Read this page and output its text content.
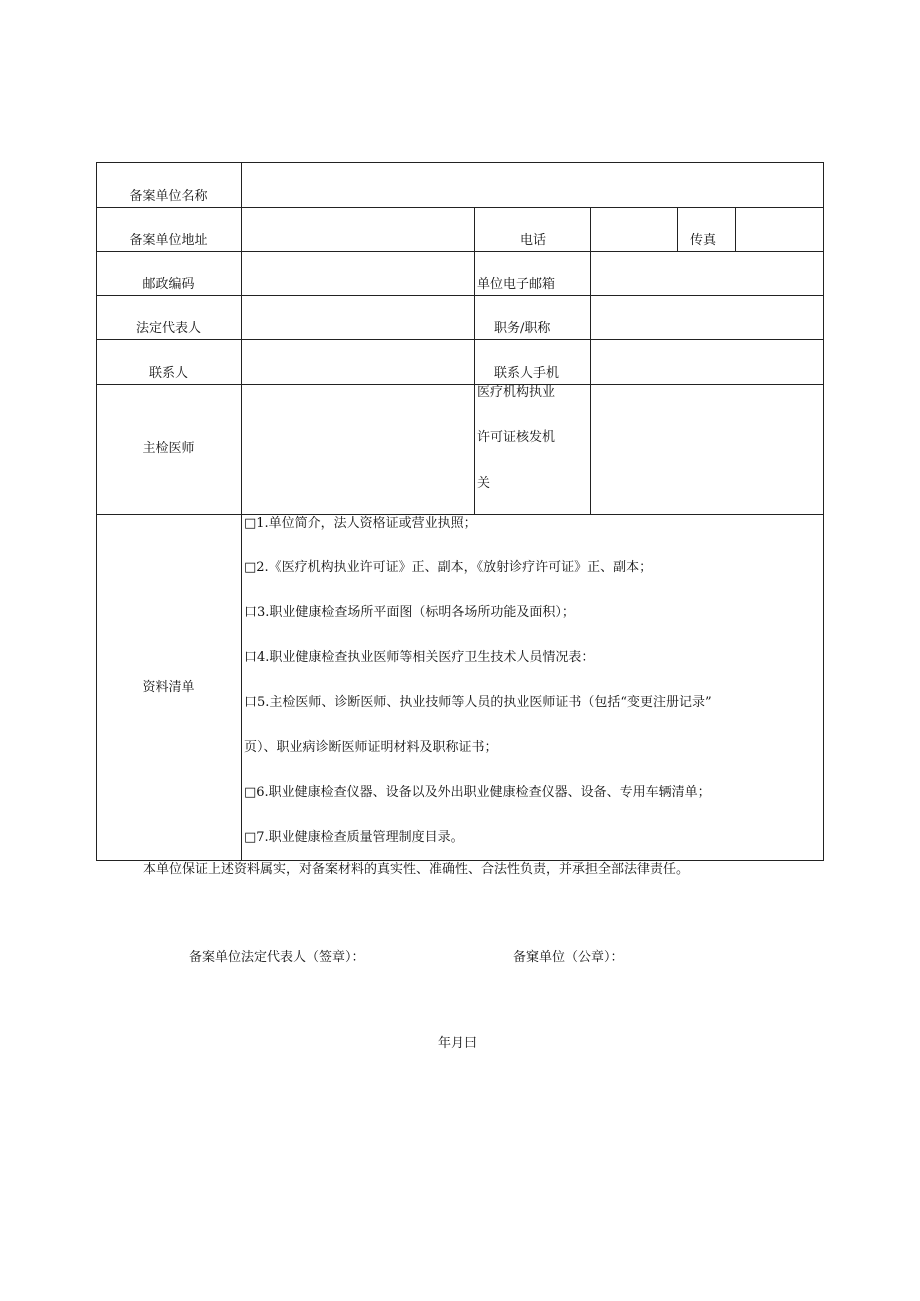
备案单位名称
备案单位地址
邮政编码
法定代表人
联系人
主检医师
资料清单
电话	传真
单位电子邮箱
职务/职称
联系人手机
医疗机构执业
许可证核发机
关
□1.单位简介，法人资格证或营业执照；
□2.《医疗机构执业许可证》正、副本，《放射诊疗许可证》正、副本；
口3.职业健康检查场所平面图（标明各场所功能及面积）；
口4.职业健康检查执业医师等相关医疗卫生技术人员情况表：
口5.主检医师、诊断医师、执业技师等人员的执业医师证书（包括“变更注册记录”
页）、职业病诊断医师证明材料及职称证书；
□6.职业健康检查仪器、设备以及外出职业健康检查仪器、设备、专用车辆清单；
□7.职业健康检查质量管理制度目录。
本单位保证上述资料属实，对备案材料的真实性、准确性、合法性负责，并承担全部法律责任。
备案单位法定代表人（签章）：	备窠单位（公章）：
年月曰
